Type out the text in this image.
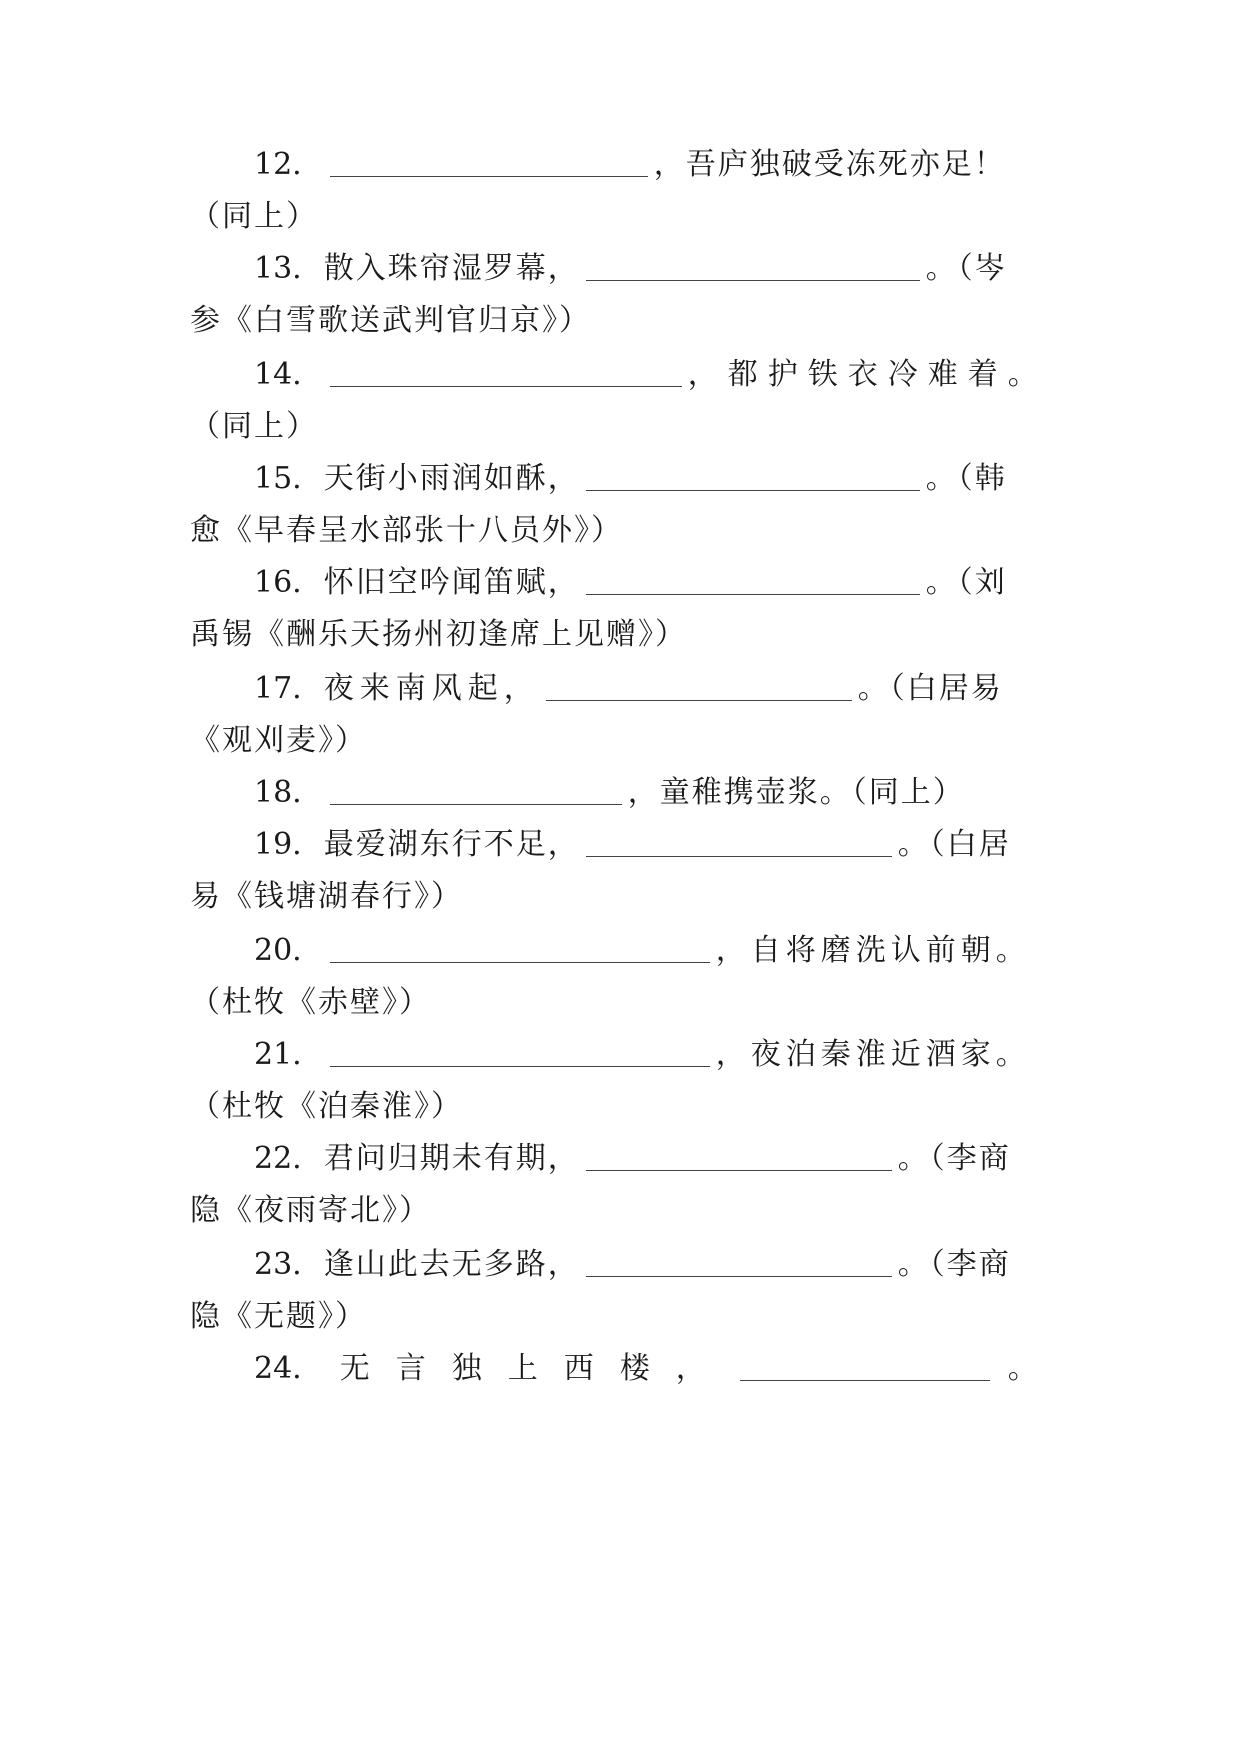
12.	，吾庐独破受冻死亦足！
（同上）
13. 散入珠帘湿罗幕，	。（岑
参《白雪歌送武判官归京》）
14.	，都护铁衣冷难着。
（同上）
15. 天街小雨润如酥，	。（韩
愈《早春呈水部张十八员外》）
16. 怀旧空吟闻笛赋，	。（刘
禹锡《酬乐天扬州初逢席上见赠》）
17. 夜来南风起，	。（白居易
《观刈麦》）
18.	，童稚携壶浆。（同上）
19. 最爱湖东行不足，	。（白居
易《钱塘湖春行》）
20.	，自将磨洗认前朝。
（杜牧《赤壁》）
21.	，夜泊秦淮近酒家。
（杜牧《泊秦淮》）
22. 君问归期未有期，	。（李商
隐《夜雨寄北》）
23. 逢山此去无多路，	。（李商
隐《无题》）
24. 无言独上西楼，	。
